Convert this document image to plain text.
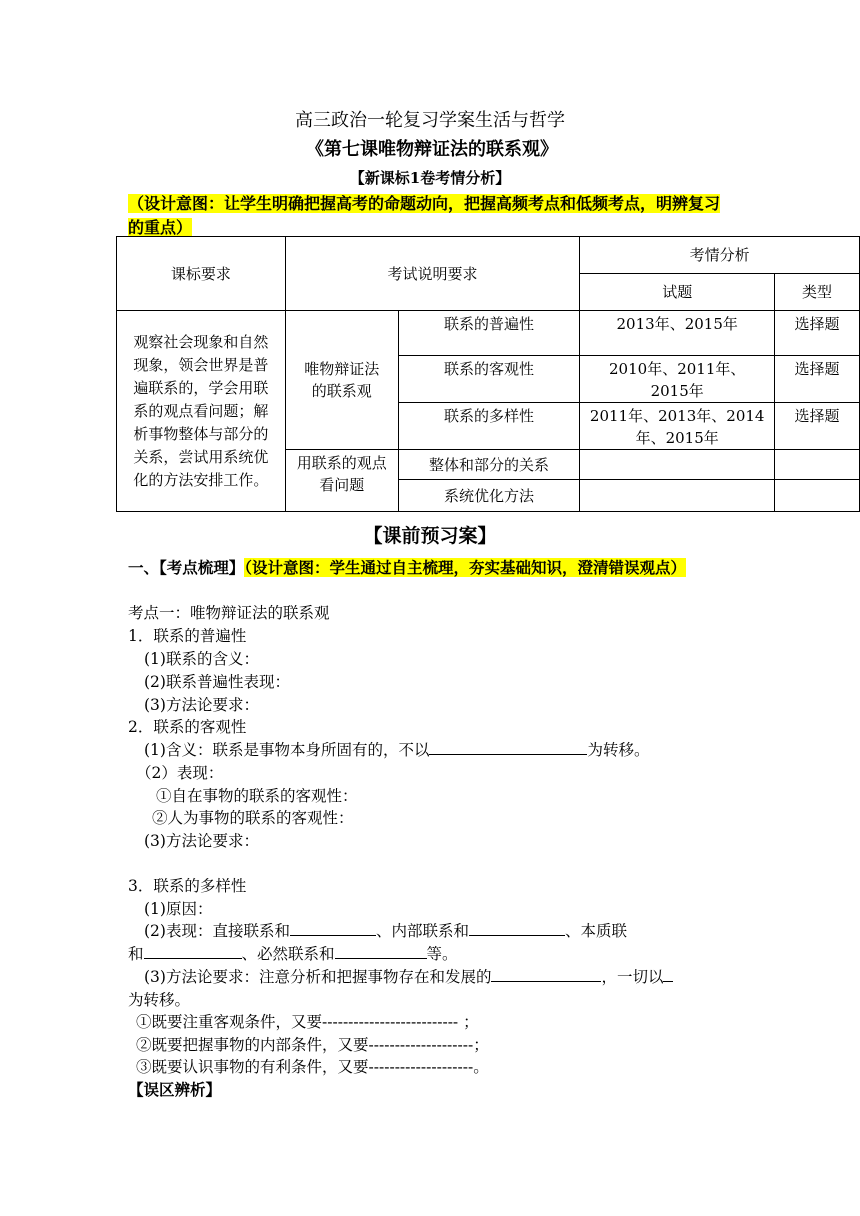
高三政治一轮复习学案生活与哲学
《第七课唯物辩证法的联系观》
【新课标1卷考情分析】
（设计意图：让学生明确把握高考的命题动向，把握高频考点和低频考点，明辨复习的重点）
课标要求	考试说明要求		考情分析	
			试题	类型
观察社会现象和自然现象，领会世界是普遍联系的，学会用联系的观点看问题；解析事物整体与部分的关系，尝试用系统优化的方法安排工作。	唯物辩证法的联系观	联系的普遍性	2013年、2015年	选择题
		联系的客观性	2010年、2011年、2015年	选择题
		联系的多样性	2011年、2013年、2014年、2015年	选择题
	用联系的观点看问题	整体和部分的关系		
		系统优化方法		
【课前预习案】
一、【考点梳理】（设计意图：学生通过自主梳理，夯实基础知识，澄清错误观点）
考点一：唯物辩证法的联系观
1．联系的普遍性
(1)联系的含义：
(2)联系普遍性表现：
(3)方法论要求：
2．联系的客观性
(1)含义：联系是事物本身所固有的，不以	为转移。
（2）表现：
①自在事物的联系的客观性：
②人为事物的联系的客观性：
(3)方法论要求：
3．联系的多样性
(1)原因：
(2)表现：直接联系和	、内部联系和	、本质联
和	、必然联系和	等。
(3)方法论要求：注意分析和把握事物存在和发展的	，一切以
为转移。
①既要注重客观条件，又要-------------------------- ；
②既要把握事物的内部条件，又要--------------------；
③既要认识事物的有利条件，又要--------------------。
【误区辨析】
